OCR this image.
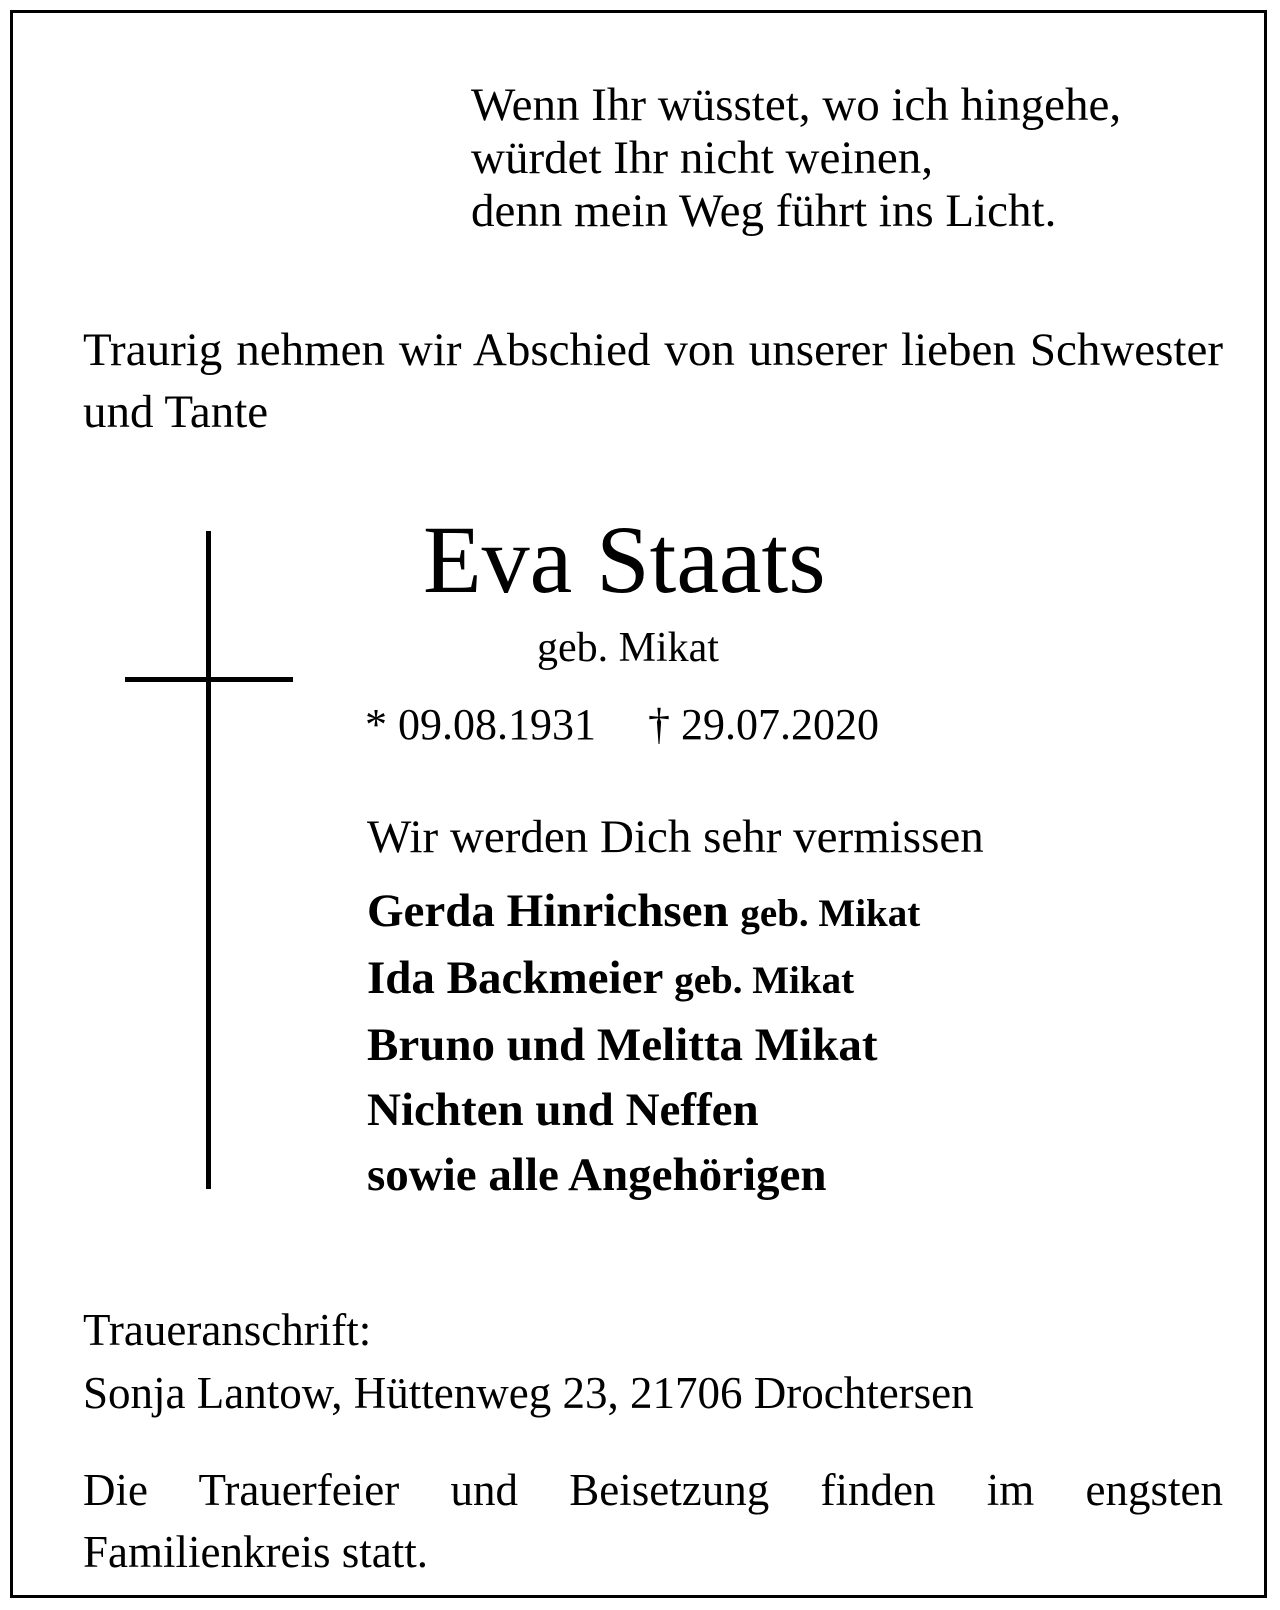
Wenn Ihr wüsstet, wo ich hingehe,
würdet Ihr nicht weinen,
denn mein Weg führt ins Licht.
Traurig nehmen wir Abschied von unserer lieben Schwester und Tante
Eva Staats
geb. Mikat
* 09.08.1931 † 29.07.2020
Wir werden Dich sehr vermissen
Gerda Hinrichsen geb. Mikat
Ida Backmeier geb. Mikat
Bruno und Melitta Mikat
Nichten und Neffen
sowie alle Angehörigen
Traueranschrift:
Sonja Lantow, Hüttenweg 23, 21706 Drochtersen
Die Trauerfeier und Beisetzung finden im engsten Familienkreis statt.
